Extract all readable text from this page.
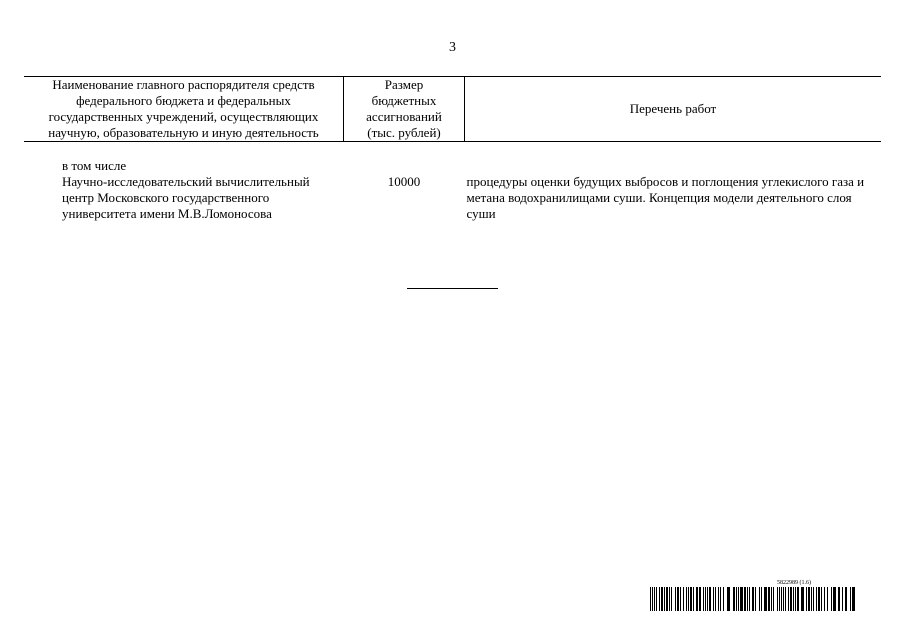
3
Наименование главного распорядителя средств федерального бюджета и федеральных государственных учреждений, осуществляющих научную, образовательную и иную деятельность	Размер бюджетных ассигнований (тыс. рублей)	Перечень работ

в том числе		
Научно-исследовательский вычислительный центр Московского государственного университета имени М.В.Ломоносова	10000	процедуры оценки будущих выбросов и поглощения углекислого газа и метана водохранилищами суши. Концепция модели деятельного слоя суши
5822989 (1.6)
